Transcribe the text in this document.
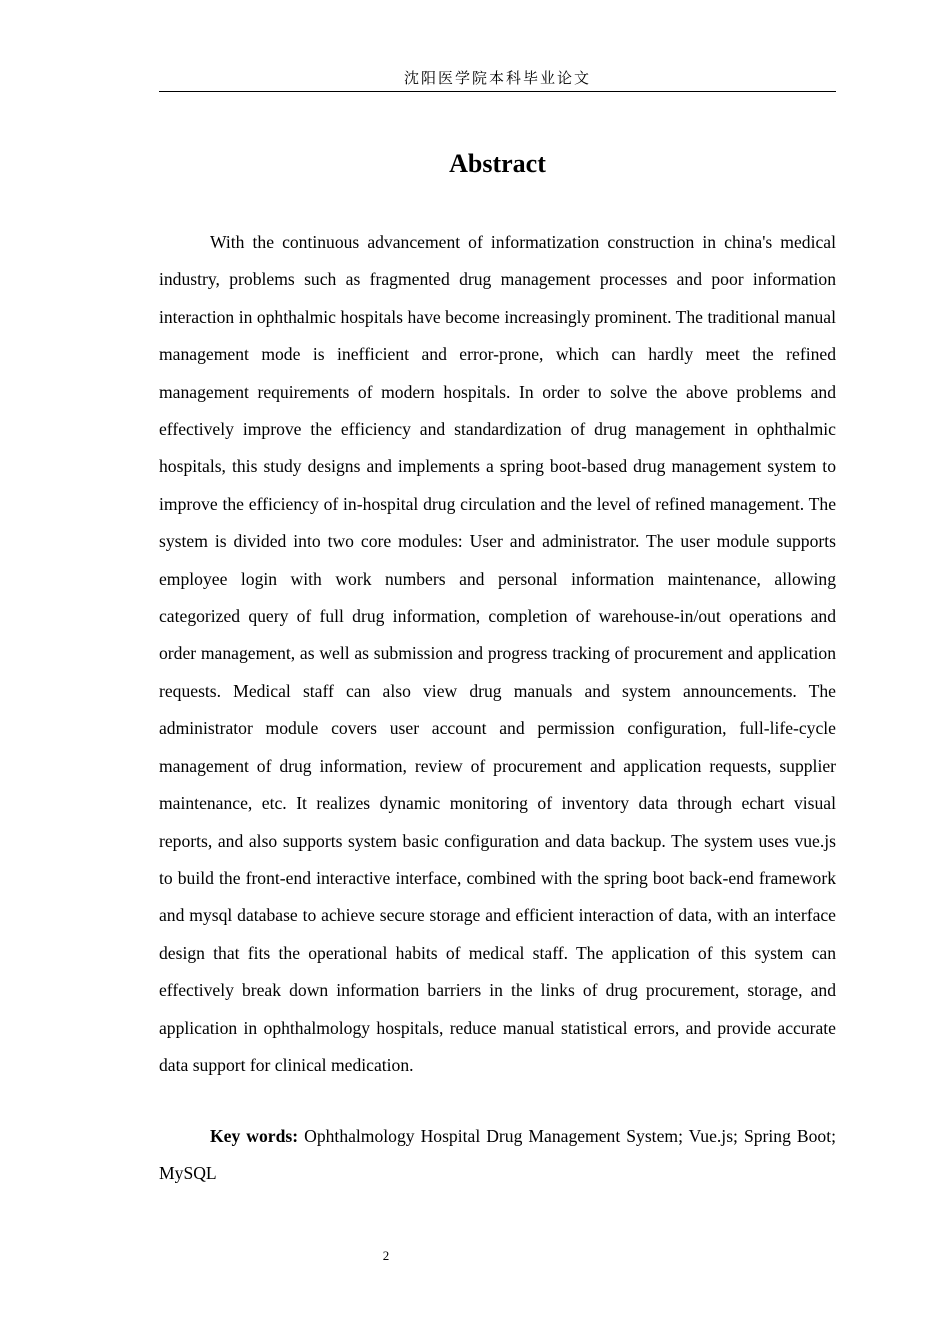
沈阳医学院本科毕业论文
Abstract

With the continuous advancement of informatization construction in china's medical industry, problems such as fragmented drug management processes and poor information interaction in ophthalmic hospitals have become increasingly prominent. The traditional manual management mode is inefficient and error-prone, which can hardly meet the refined management requirements of modern hospitals. In order to solve the above problems and effectively improve the efficiency and standardization of drug management in ophthalmic hospitals, this study designs and implements a spring boot-based drug management system to improve the efficiency of in-hospital drug circulation and the level of refined management. The system is divided into two core modules: User and administrator. The user module supports employee login with work numbers and personal information maintenance, allowing categorized query of full drug information, completion of warehouse-in/out operations and order management, as well as submission and progress tracking of procurement and application requests. Medical staff can also view drug manuals and system announcements. The administrator module covers user account and permission configuration, full-life-cycle management of drug information, review of procurement and application requests, supplier maintenance, etc. It realizes dynamic monitoring of inventory data through echart visual reports, and also supports system basic configuration and data backup. The system uses vue.js to build the front-end interactive interface, combined with the spring boot back-end framework and mysql database to achieve secure storage and efficient interaction of data, with an interface design that fits the operational habits of medical staff. The application of this system can effectively break down information barriers in the links of drug procurement, storage, and application in ophthalmology hospitals, reduce manual statistical errors, and provide accurate data support for clinical medication.

Key words: Ophthalmology Hospital Drug Management System; Vue.js; Spring Boot; MySQL

2
